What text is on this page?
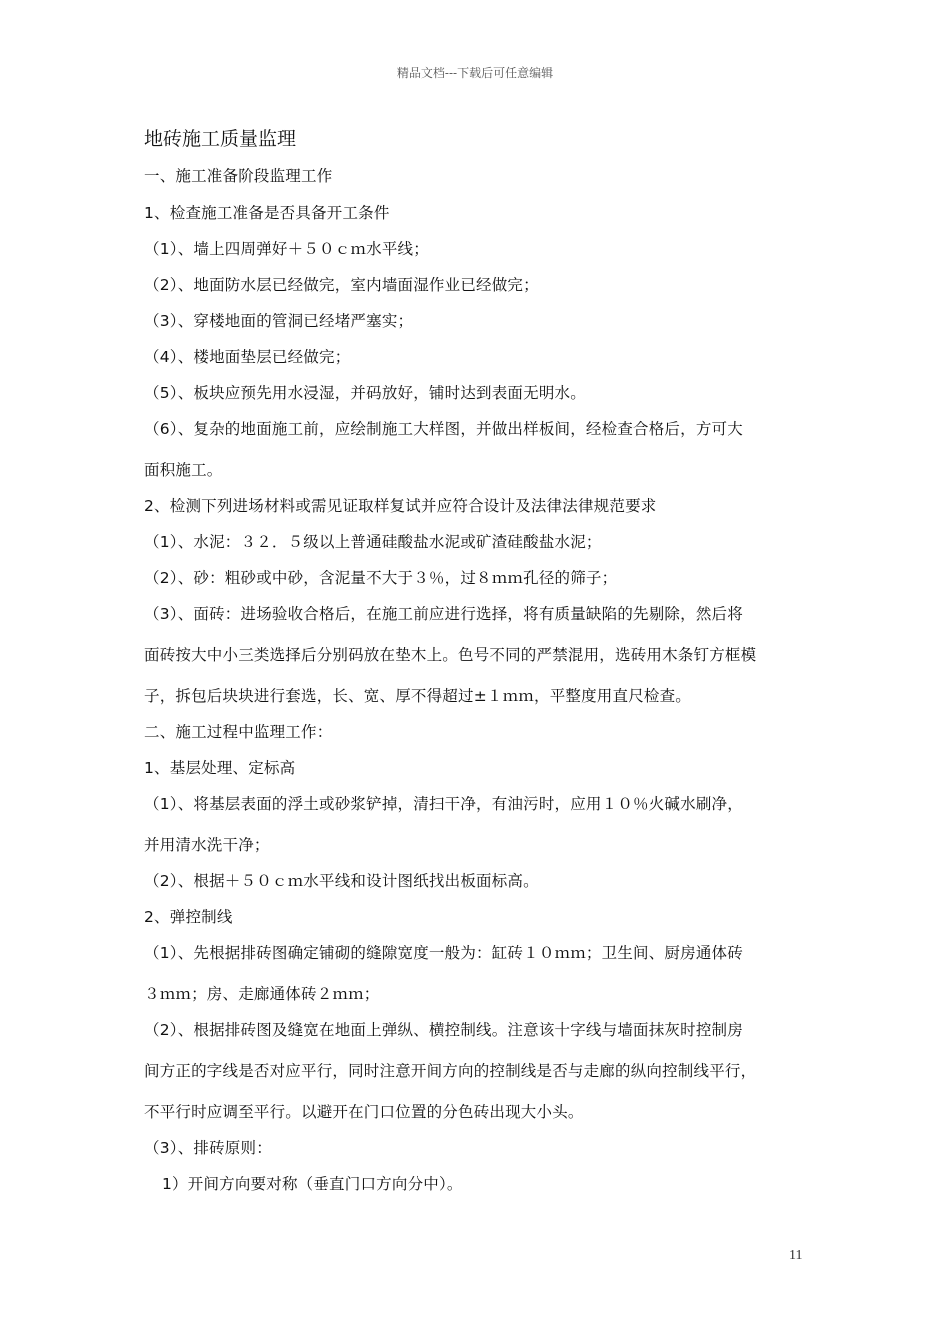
精品文档---下载后可任意编辑
地砖施工质量监理
一、施工准备阶段监理工作
1、检查施工准备是否具备开工条件
（1）、墙上四周弹好＋５０ｃｍ水平线；
（2）、地面防水层已经做完，室内墙面湿作业已经做完；
（3）、穿楼地面的管洞已经堵严塞实；
（4）、楼地面垫层已经做完；
（5）、板块应预先用水浸湿，并码放好，铺时达到表面无明水。
（6）、复杂的地面施工前，应绘制施工大样图，并做出样板间，经检查合格后，方可大
面积施工。
2、检测下列进场材料或需见证取样复试并应符合设计及法律法律规范要求
（1）、水泥：３２．５级以上普通硅酸盐水泥或矿渣硅酸盐水泥；
（2）、砂：粗砂或中砂，含泥量不大于３％，过８ｍｍ孔径的筛子；
（3）、面砖：进场验收合格后，在施工前应进行选择，将有质量缺陷的先剔除，然后将
面砖按大中小三类选择后分别码放在垫木上。色号不同的严禁混用，选砖用木条钉方框模
子，拆包后块块进行套选，长、宽、厚不得超过±１ｍｍ，平整度用直尺检查。
二、施工过程中监理工作：
1、基层处理、定标高
（1）、将基层表面的浮土或砂浆铲掉，清扫干净，有油污时，应用１０％火碱水刷净，
并用清水洗干净；
（2）、根据＋５０ｃｍ水平线和设计图纸找出板面标高。
2、弹控制线
（1）、先根据排砖图确定铺砌的缝隙宽度一般为：缸砖１０ｍｍ；卫生间、厨房通体砖
３ｍｍ；房、走廊通体砖２ｍｍ；
（2）、根据排砖图及缝宽在地面上弹纵、横控制线。注意该十字线与墙面抹灰时控制房
间方正的字线是否对应平行，同时注意开间方向的控制线是否与走廊的纵向控制线平行，
不平行时应调至平行。以避开在门口位置的分色砖出现大小头。
（3）、排砖原则：
1）开间方向要对称（垂直门口方向分中）。
11
